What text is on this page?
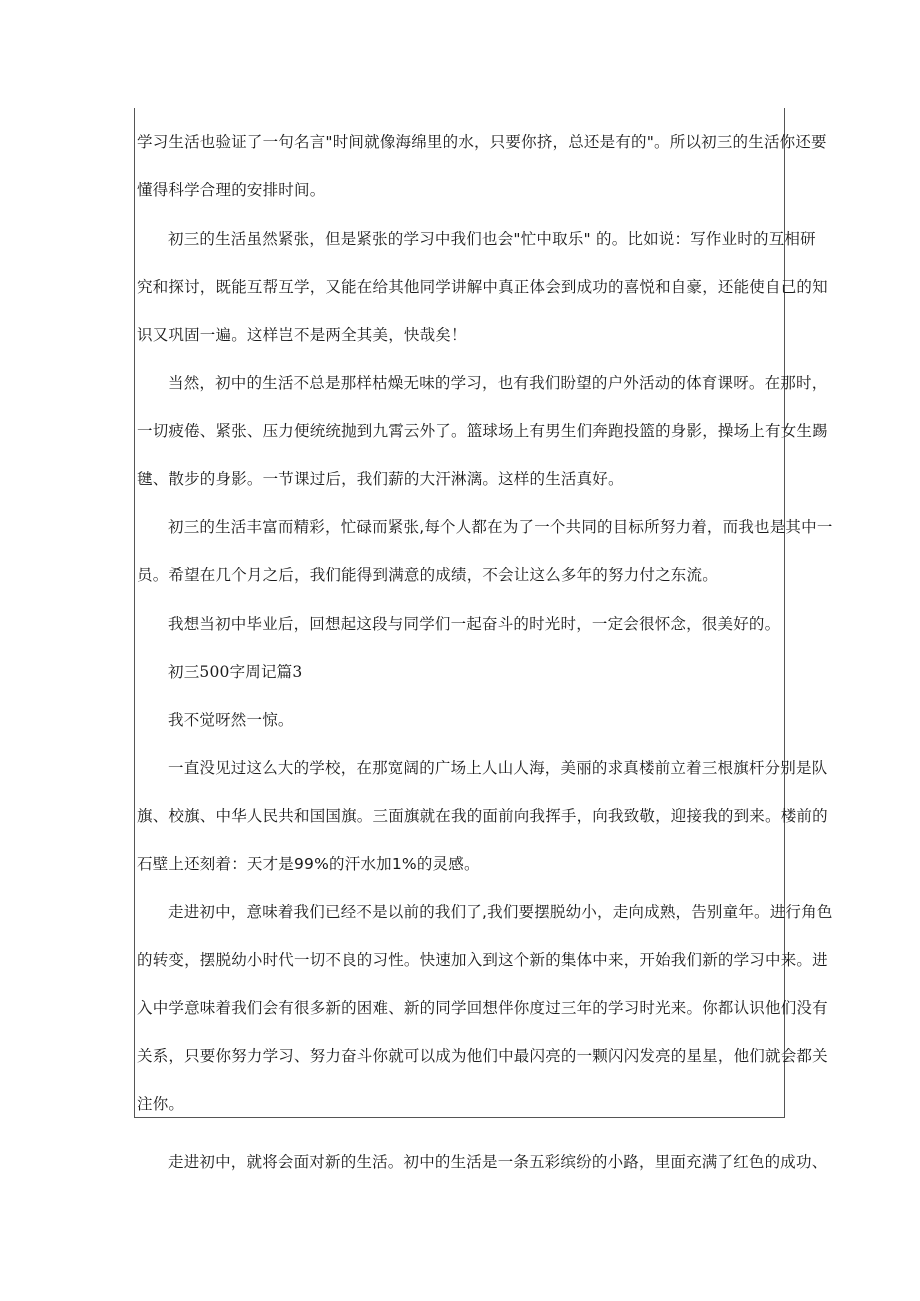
学习生活也验证了一句名言"时间就像海绵里的水，只要你挤，总还是有的"。所以初三的生活你还要
懂得科学合理的安排时间。
初三的生活虽然紧张，但是紧张的学习中我们也会"忙中取乐" 的。比如说：写作业时的互相研
究和探讨，既能互帮互学，又能在给其他同学讲解中真正体会到成功的喜悦和自豪，还能使自己的知
识又巩固一遍。这样岂不是两全其美，快哉矣！
当然，初中的生活不总是那样枯燥无味的学习，也有我们盼望的户外活动的体育课呀。在那时，
一切疲倦、紧张、压力便统统抛到九霄云外了。篮球场上有男生们奔跑投篮的身影，操场上有女生踢
毽、散步的身影。一节课过后，我们薪的大汗淋漓。这样的生活真好。
初三的生活丰富而精彩，忙碌而紧张,每个人都在为了一个共同的目标所努力着，而我也是其中一
员。希望在几个月之后，我们能得到满意的成绩，不会让这么多年的努力付之东流。
我想当初中毕业后，回想起这段与同学们一起奋斗的时光时，一定会很怀念，很美好的。
初三500字周记篇3
我不觉呀然一惊。
一直没见过这么大的学校，在那宽阔的广场上人山人海，美丽的求真楼前立着三根旗杆分别是队
旗、校旗、中华人民共和国国旗。三面旗就在我的面前向我挥手，向我致敬，迎接我的到来。楼前的
石壁上还刻着：天才是99%的汗水加1%的灵感。
走进初中，意味着我们已经不是以前的我们了,我们要摆脱幼小，走向成熟，告别童年。进行角色
的转变，摆脱幼小时代一切不良的习性。快速加入到这个新的集体中来，开始我们新的学习中来。进
入中学意味着我们会有很多新的困难、新的同学回想伴你度过三年的学习时光来。你都认识他们没有
关系，只要你努力学习、努力奋斗你就可以成为他们中最闪亮的一颗闪闪发亮的星星，他们就会都关
注你。
走进初中，就将会面对新的生活。初中的生活是一条五彩缤纷的小路，里面充满了红色的成功、
